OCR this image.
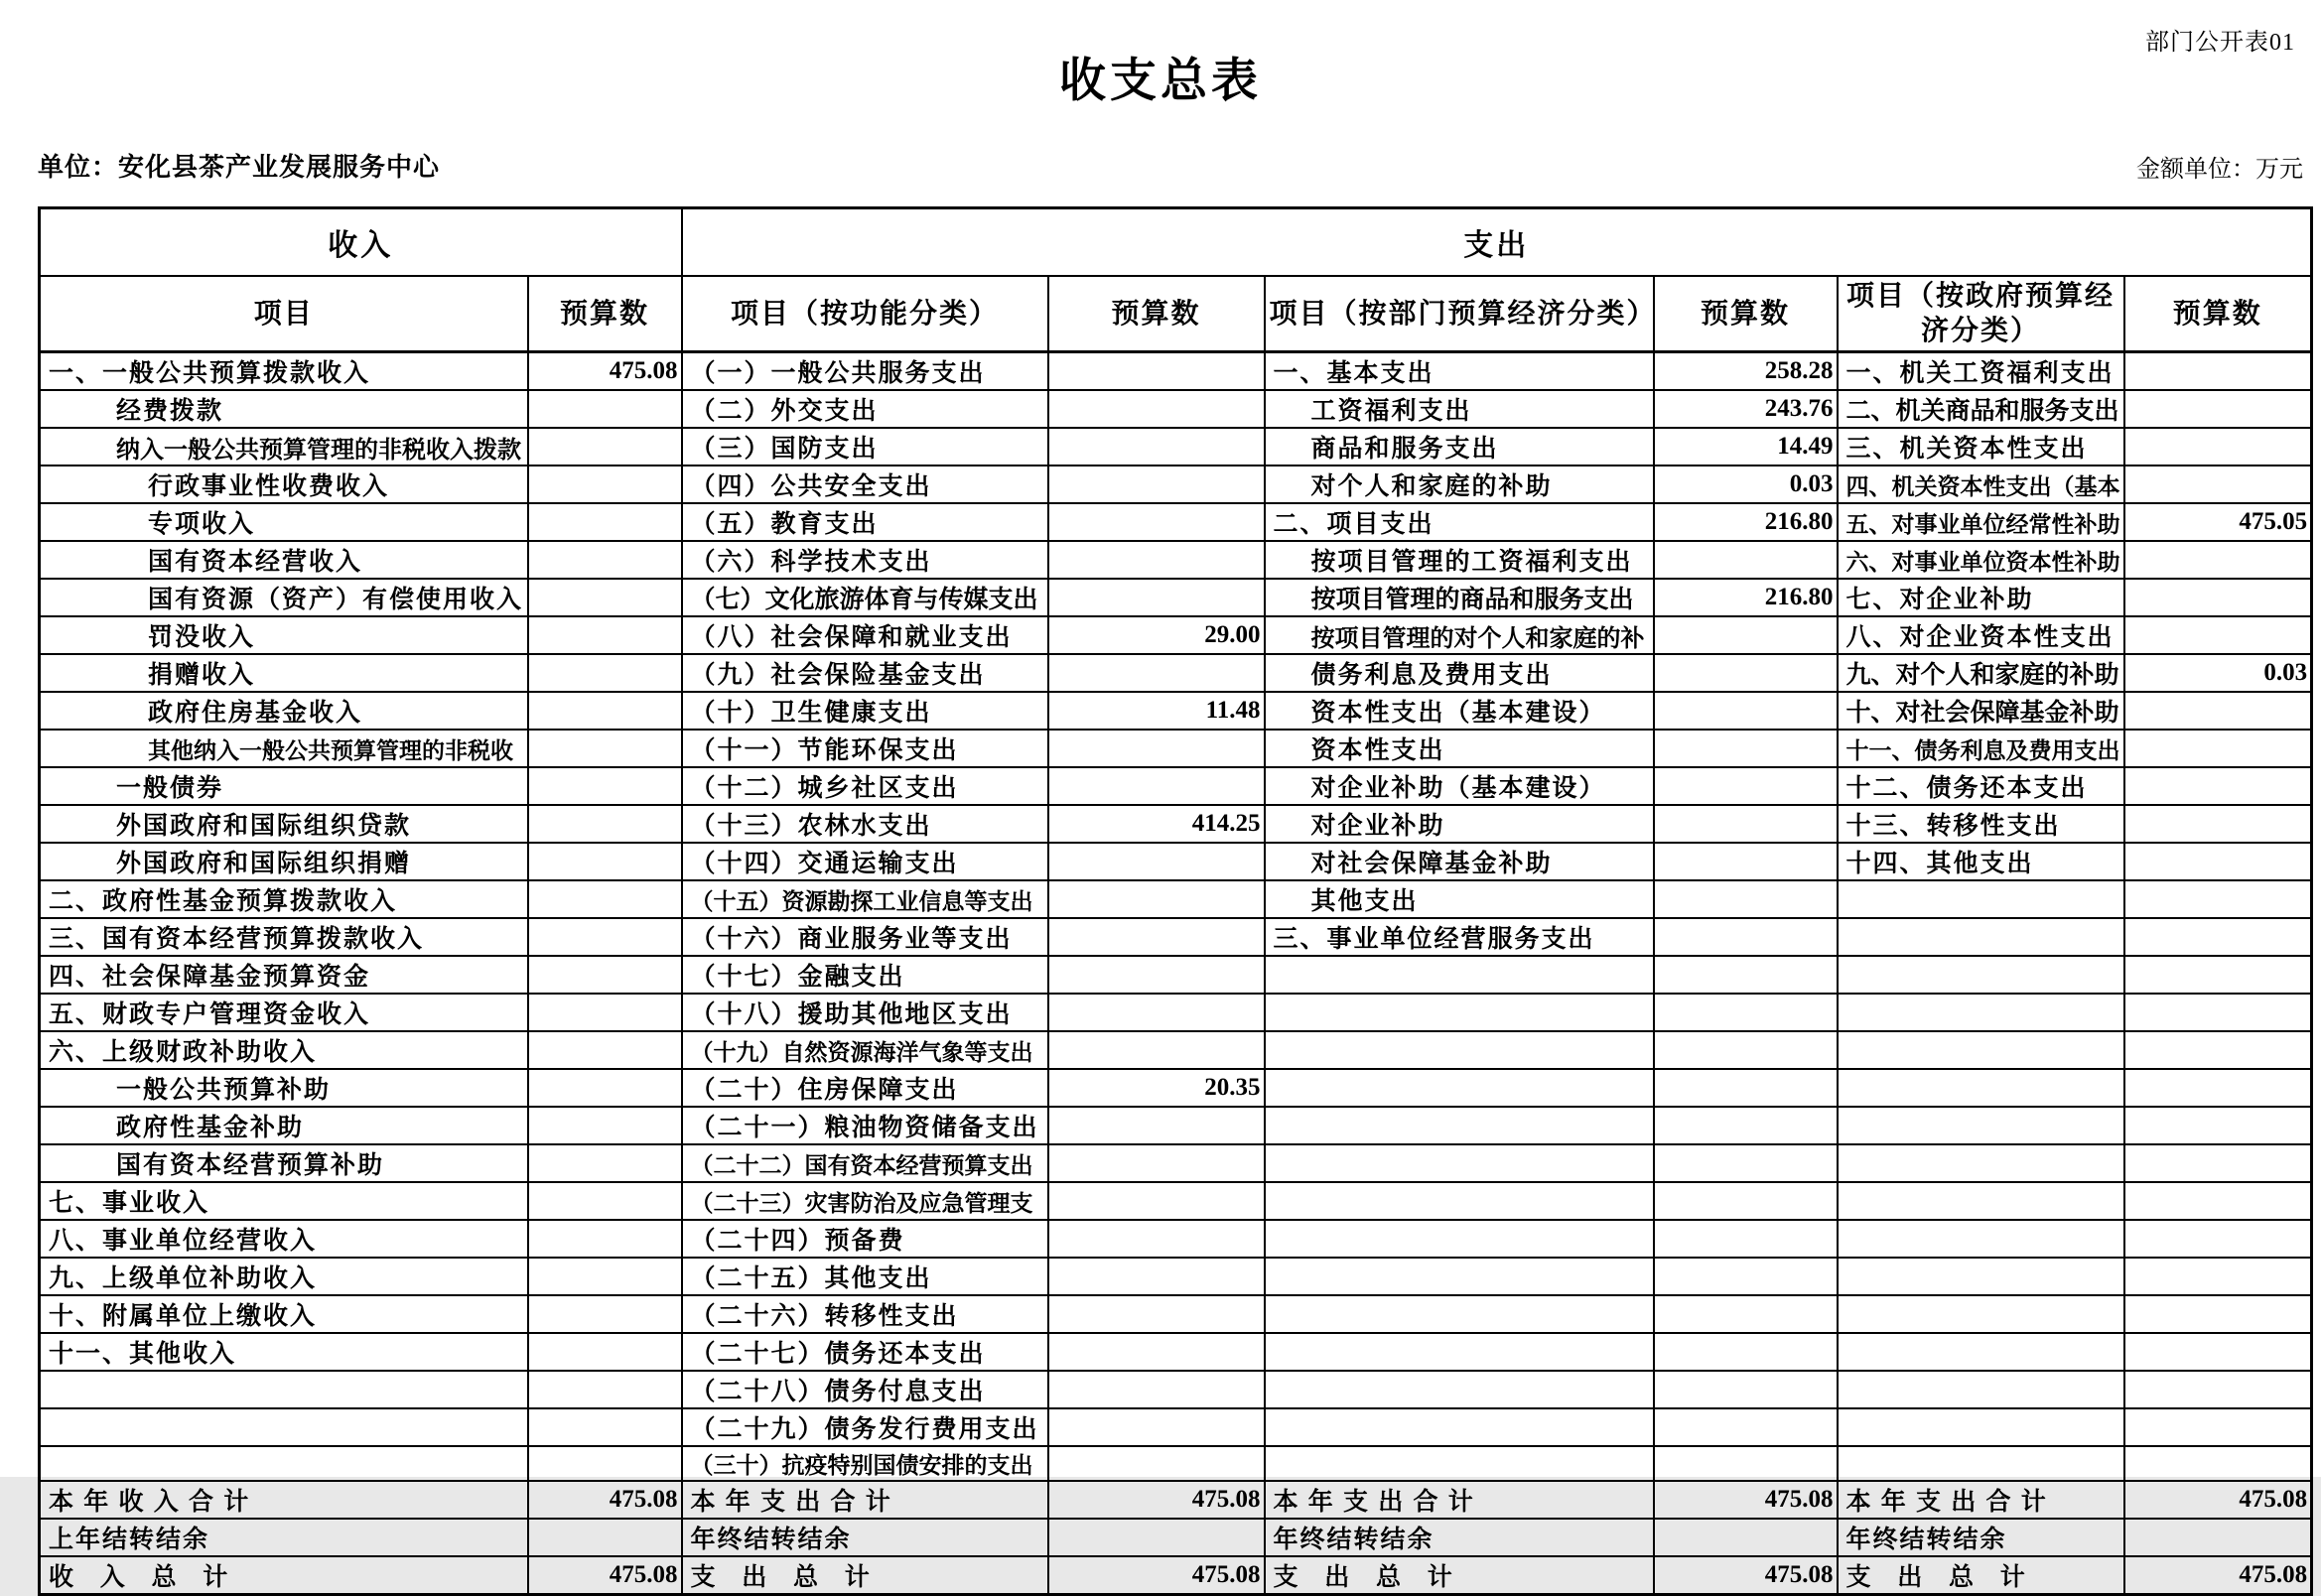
部门公开表01
收支总表
单位：安化县茶产业发展服务中心	金额单位：万元
收入		支出					
项目	预算数	项目（按功能分类）	预算数	项目（按部门预算经济分类）	预算数	项目（按政府预算经济分类）	预算数
一、一般公共预算拨款收入	475.08	（一）一般公共服务支出		一、基本支出	258.28	一、机关工资福利支出	
经费拨款		（二）外交支出		工资福利支出	243.76	二、机关商品和服务支出	
纳入一般公共预算管理的非税收入拨款		（三）国防支出		商品和服务支出	14.49	三、机关资本性支出	
行政事业性收费收入		（四）公共安全支出		对个人和家庭的补助	0.03	四、机关资本性支出（基本	
专项收入		（五）教育支出		二、项目支出	216.80	五、对事业单位经常性补助	475.05
国有资本经营收入		（六）科学技术支出		按项目管理的工资福利支出		六、对事业单位资本性补助	
国有资源（资产）有偿使用收入		（七）文化旅游体育与传媒支出		按项目管理的商品和服务支出	216.80	七、对企业补助	
罚没收入		（八）社会保障和就业支出	29.00	按项目管理的对个人和家庭的补		八、对企业资本性支出	
捐赠收入		（九）社会保险基金支出		债务利息及费用支出		九、对个人和家庭的补助	0.03
政府住房基金收入		（十）卫生健康支出	11.48	资本性支出（基本建设）		十、对社会保障基金补助	
其他纳入一般公共预算管理的非税收		（十一）节能环保支出		资本性支出		十一、债务利息及费用支出	
一般债券		（十二）城乡社区支出		对企业补助（基本建设）		十二、债务还本支出	
外国政府和国际组织贷款		（十三）农林水支出	414.25	对企业补助		十三、转移性支出	
外国政府和国际组织捐赠		（十四）交通运输支出		对社会保障基金补助		十四、其他支出	
二、政府性基金预算拨款收入		（十五）资源勘探工业信息等支出		其他支出			
三、国有资本经营预算拨款收入		（十六）商业服务业等支出		三、事业单位经营服务支出			
四、社会保障基金预算资金		（十七）金融支出					
五、财政专户管理资金收入		（十八）援助其他地区支出					
六、上级财政补助收入		（十九）自然资源海洋气象等支出					
一般公共预算补助		（二十）住房保障支出	20.35				
政府性基金补助		（二十一）粮油物资储备支出					
国有资本经营预算补助		（二十二）国有资本经营预算支出					
七、事业收入		（二十三）灾害防治及应急管理支					
八、事业单位经营收入		（二十四）预备费					
九、上级单位补助收入		（二十五）其他支出					
十、附属单位上缴收入		（二十六）转移性支出					
十一、其他收入		（二十七）债务还本支出					
		（二十八）债务付息支出					
		（二十九）债务发行费用支出					
		（三十）抗疫特别国债安排的支出					
本 年 收 入 合 计	475.08	本 年 支 出 合 计	475.08	本 年 支 出 合 计	475.08	本 年 支 出 合 计	475.08
上年结转结余		年终结转结余		年终结转结余		年终结转结余	
收   入   总   计	475.08	支   出   总   计	475.08	支   出   总   计	475.08	支   出   总   计	475.08
